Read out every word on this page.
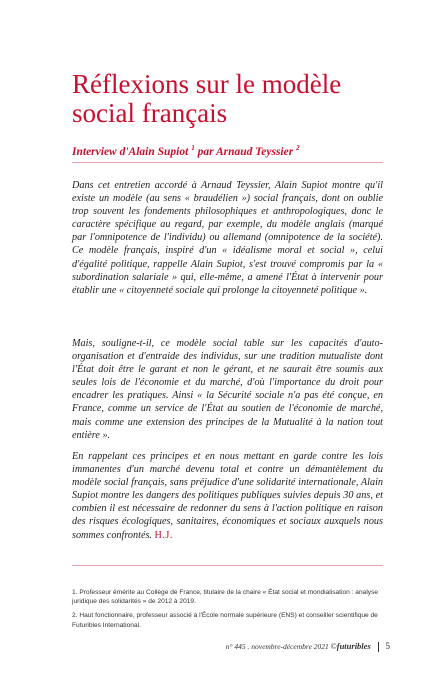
Réflexions sur le modèle social français
Interview d'Alain Supiot $^1$ par Arnaud Teyssier $^2$

Dans cet entretien accordé à Arnaud Teyssier, Alain Supiot montre qu'il existe un modèle (au sens « braudélien ») social français, dont on oublie trop souvent les fondements philosophiques et anthropologiques, donc le caractère spécifique au regard, par exemple, du modèle anglais (marqué par l'omnipotence de l'individu) ou allemand (omnipotence de la société). Ce modèle français, inspiré d'un « idéalisme moral et social », celui d'égalité politique, rappelle Alain Supiot, s'est trouvé compromis par la « subordination salariale » qui, elle-même, a amené l'État à intervenir pour établir une « citoyenneté sociale qui prolonge la citoyenneté politique ».

Mais, souligne-t-il, ce modèle social table sur les capacités d'auto-organisation et d'entraide des individus, sur une tradition mutualiste dont l'État doit être le garant et non le gérant, et ne saurait être soumis aux seules lois de l'économie et du marché, d'où l'importance du droit pour encadrer les pratiques. Ainsi « la Sécurité sociale n'a pas été conçue, en France, comme un service de l'État au soutien de l'économie de marché, mais comme une extension des principes de la Mutualité à la nation tout entière ».

En rappelant ces principes et en nous mettant en garde contre les lois immanentes d'un marché devenu total et contre un démantèlement du modèle social français, sans préjudice d'une solidarité internationale, Alain Supiot montre les dangers des politiques publiques suivies depuis 30 ans, et combien il est nécessaire de redonner du sens à l'action politique en raison des risques écologiques, sanitaires, économiques et sociaux auxquels nous sommes confrontés. H.J.

1. Professeur émérite au Collège de France, titulaire de la chaire « État social et mondialisation : analyse juridique des solidarités » de 2012 à 2019.

2. Haut fonctionnaire, professeur associé à l'École normale supérieure (ENS) et conseiller scientifique de Futuribles International.

n° 445 . novembre-décembre 2021 ©futuribles 5
